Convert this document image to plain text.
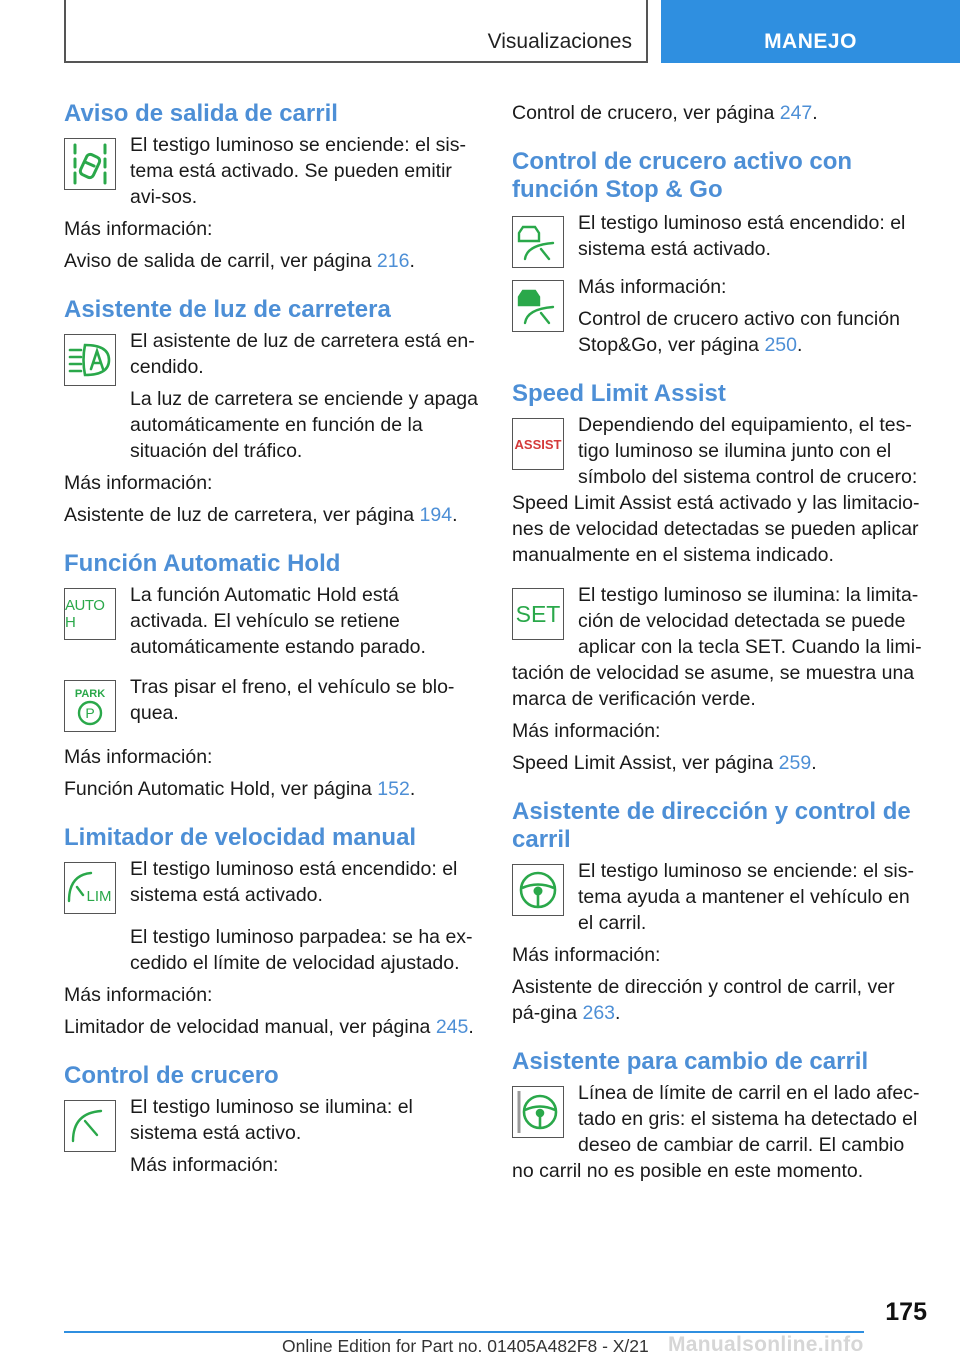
Visualizaciones	MANEJO
Aviso de salida de carril

El testigo luminoso se enciende: el sis-tema está activado. Se pueden emitir avi-sos.

Más información:

Aviso de salida de carril, ver página 216.

Asistente de luz de carretera

El asistente de luz de carretera está en-cendido.

La luz de carretera se enciende y apaga automáticamente en función de la situación del tráfico.

Más información:

Asistente de luz de carretera, ver página 194.

Función Automatic Hold
AUTO H

La función Automatic Hold está activada. El vehículo se retiene automáticamente estando parado.

PARK
P

Tras pisar el freno, el vehículo se blo-quea.

Más información:

Función Automatic Hold, ver página 152.

Limitador de velocidad manual
LIM

El testigo luminoso está encendido: el sistema está activado.

El testigo luminoso parpadea: se ha ex-cedido el límite de velocidad ajustado.

Más información:

Limitador de velocidad manual, ver página 245.

Control de crucero

El testigo luminoso se ilumina: el sistema está activo.

Más información:

Control de crucero, ver página 247.

Control de crucero activo con función Stop & Go

El testigo luminoso está encendido: el sistema está activado.

Más información:

Control de crucero activo con función Stop&Go, ver página 250.

Speed Limit Assist
ASSIST

Dependiendo del equipamiento, el tes-tigo luminoso se ilumina junto con el símbolo del sistema control de crucero: Speed Limit Assist está activado y las limitacio-nes de velocidad detectadas se pueden aplicar manualmente en el sistema indicado.

SET

El testigo luminoso se ilumina: la limita-ción de velocidad detectada se puede aplicar con la tecla SET. Cuando la limi-tación de velocidad se asume, se muestra una marca de verificación verde.

Más información:

Speed Limit Assist, ver página 259.

Asistente de dirección y control de carril

El testigo luminoso se enciende: el sis-tema ayuda a mantener el vehículo en el carril.

Más información:

Asistente de dirección y control de carril, ver pá-gina 263.

Asistente para cambio de carril

Línea de límite de carril en el lado afec-tado en gris: el sistema ha detectado el deseo de cambiar de carril. El cambio no carril no es posible en este momento.

175
Online Edition for Part no. 01405A482F8 - X/21 Manualsonline.info
